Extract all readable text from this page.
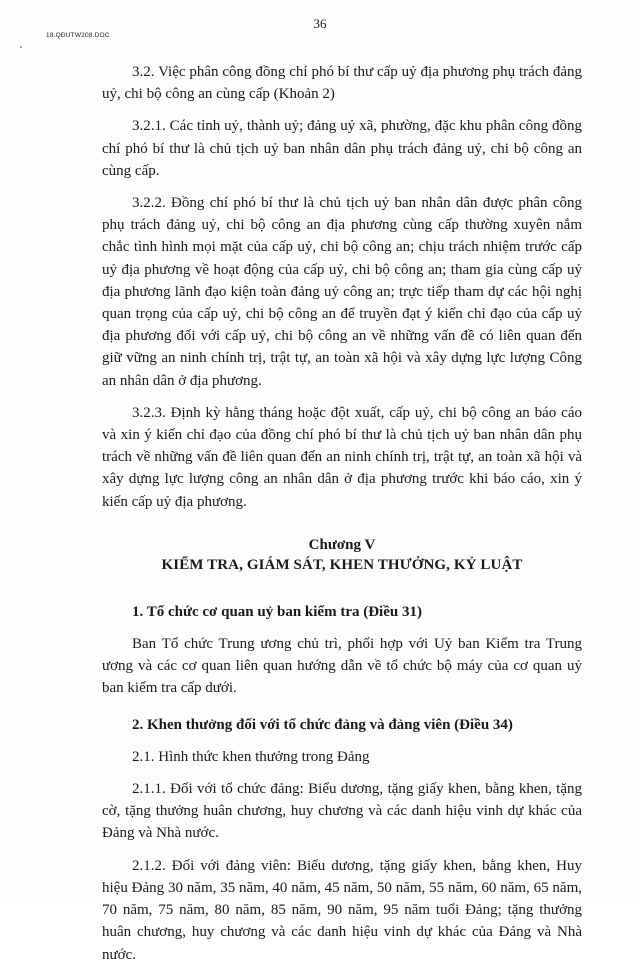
18.QĐUTW208.DOC
36

3.2. Việc phân công đồng chí phó bí thư cấp uỷ địa phương phụ trách đảng uỷ, chi bộ công an cùng cấp (Khoản 2)

3.2.1. Các tỉnh uỷ, thành uỷ; đảng uỷ xã, phường, đặc khu phân công đồng chí phó bí thư là chủ tịch uỷ ban nhân dân phụ trách đảng uỷ, chi bộ công an cùng cấp.

3.2.2. Đồng chí phó bí thư là chủ tịch uỷ ban nhân dân được phân công phụ trách đảng uỷ, chi bộ công an địa phương cùng cấp thường xuyên nắm chắc tình hình mọi mặt của cấp uỷ, chi bộ công an; chịu trách nhiệm trước cấp uỷ địa phương về hoạt động của cấp uỷ, chi bộ công an; tham gia cùng cấp uỷ địa phương lãnh đạo kiện toàn đảng uỷ công an; trực tiếp tham dự các hội nghị quan trọng của cấp uỷ, chi bộ công an để truyền đạt ý kiến chỉ đạo của cấp uỷ địa phương đối với cấp uỷ, chi bộ công an về những vấn đề có liên quan đến giữ vững an ninh chính trị, trật tự, an toàn xã hội và xây dựng lực lượng Công an nhân dân ở địa phương.

3.2.3. Định kỳ hằng tháng hoặc đột xuất, cấp uỷ, chi bộ công an báo cáo và xin ý kiến chỉ đạo của đồng chí phó bí thư là chủ tịch uỷ ban nhân dân phụ trách về những vấn đề liên quan đến an ninh chính trị, trật tự, an toàn xã hội và xây dựng lực lượng công an nhân dân ở địa phương trước khi báo cáo, xin ý kiến cấp uỷ địa phương.

Chương V
KIỂM TRA, GIÁM SÁT, KHEN THƯỞNG, KỶ LUẬT

1. Tổ chức cơ quan uỷ ban kiểm tra (Điều 31)

Ban Tổ chức Trung ương chủ trì, phối hợp với Uỷ ban Kiểm tra Trung ương và các cơ quan liên quan hướng dẫn về tổ chức bộ máy của cơ quan uỷ ban kiểm tra cấp dưới.

2. Khen thưởng đối với tổ chức đảng và đảng viên (Điều 34)

2.1. Hình thức khen thưởng trong Đảng

2.1.1. Đối với tổ chức đảng: Biểu dương, tặng giấy khen, bằng khen, tặng cờ, tặng thưởng huân chương, huy chương và các danh hiệu vinh dự khác của Đảng và Nhà nước.

2.1.2. Đối với đảng viên: Biểu dương, tặng giấy khen, bằng khen, Huy hiệu Đảng 30 năm, 35 năm, 40 năm, 45 năm, 50 năm, 55 năm, 60 năm, 65 năm, 70 năm, 75 năm, 80 năm, 85 năm, 90 năm, 95 năm tuổi Đảng; tặng thưởng huân chương, huy chương và các danh hiệu vinh dự khác của Đảng và Nhà nước.
